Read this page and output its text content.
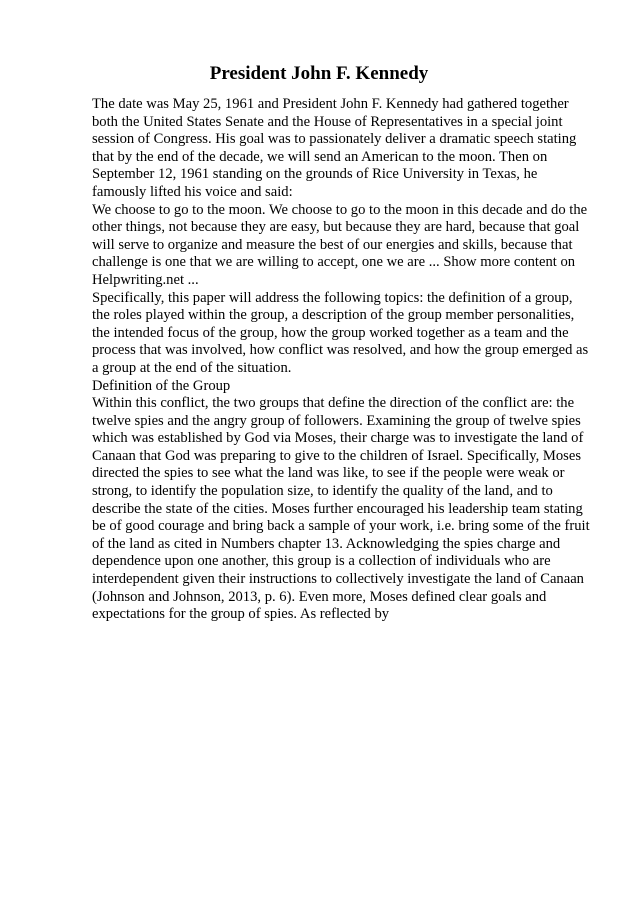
President John F. Kennedy

The date was May 25, 1961 and President John F. Kennedy had gathered together both the United States Senate and the House of Representatives in a special joint session of Congress. His goal was to passionately deliver a dramatic speech stating that by the end of the decade, we will send an American to the moon. Then on September 12, 1961 standing on the grounds of Rice University in Texas, he famously lifted his voice and said:

We choose to go to the moon. We choose to go to the moon in this decade and do the other things, not because they are easy, but because they are hard, because that goal will serve to organize and measure the best of our energies and skills, because that challenge is one that we are willing to accept, one we are ... Show more content on Helpwriting.net ...

Specifically, this paper will address the following topics: the definition of a group, the roles played within the group, a description of the group member personalities, the intended focus of the group, how the group worked together as a team and the process that was involved, how conflict was resolved, and how the group emerged as a group at the end of the situation.

Definition of the Group

Within this conflict, the two groups that define the direction of the conflict are: the twelve spies and the angry group of followers. Examining the group of twelve spies which was established by God via Moses, their charge was to investigate the land of Canaan that God was preparing to give to the children of Israel. Specifically, Moses directed the spies to see what the land was like, to see if the people were weak or strong, to identify the population size, to identify the quality of the land, and to describe the state of the cities. Moses further encouraged his leadership team stating be of good courage and bring back a sample of your work, i.e. bring some of the fruit of the land as cited in Numbers chapter 13. Acknowledging the spies charge and dependence upon one another, this group is a collection of individuals who are interdependent given their instructions to collectively investigate the land of Canaan (Johnson and Johnson, 2013, p. 6). Even more, Moses defined clear goals and expectations for the group of spies. As reflected by
